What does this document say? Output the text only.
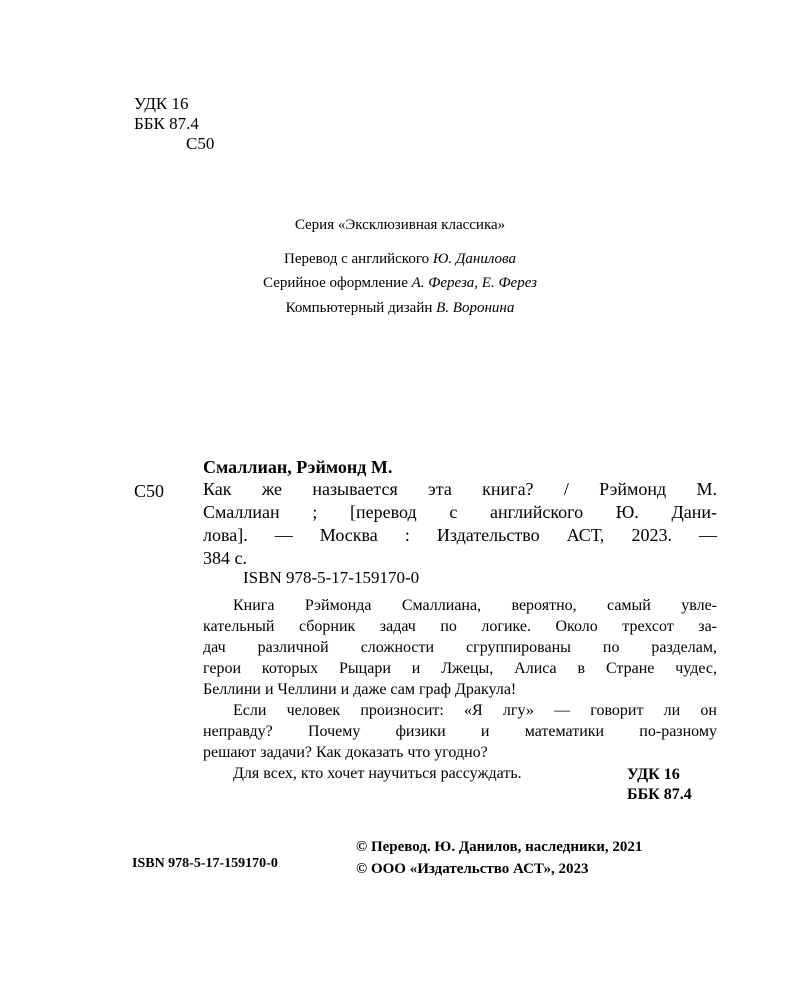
УДК 16
ББК 87.4
С50
Серия «Эксклюзивная классика»
Перевод с английского Ю. Данилова
Серийное оформление А. Фереза, Е. Ферез
Компьютерный дизайн В. Воронина
Смаллиан, Рэймонд М.
С50 Как же называется эта книга? / Рэймонд М.
Смаллиан ; [перевод с английского Ю. Дани-
лова]. — Москва : Издательство АСТ, 2023. —
384 с.
ISBN 978-5-17-159170-0
Книга Рэймонда Смаллиана, вероятно, самый увле-
кательный сборник задач по логике. Около трехсот за-
дач различной сложности сгруппированы по разделам,
герои которых Рыцари и Лжецы, Алиса в Стране чудес,
Беллини и Челлини и даже сам граф Дракула!
Если человек произносит: «Я лгу» — говорит ли он
неправду? Почему физики и математики по-разному
решают задачи? Как доказать что угодно?
Для всех, кто хочет научиться рассуждать.	УДК 16
ББК 87.4
ISBN 978-5-17-159170-0
© Перевод. Ю. Данилов, наследники, 2021
© ООО «Издательство АСТ», 2023
